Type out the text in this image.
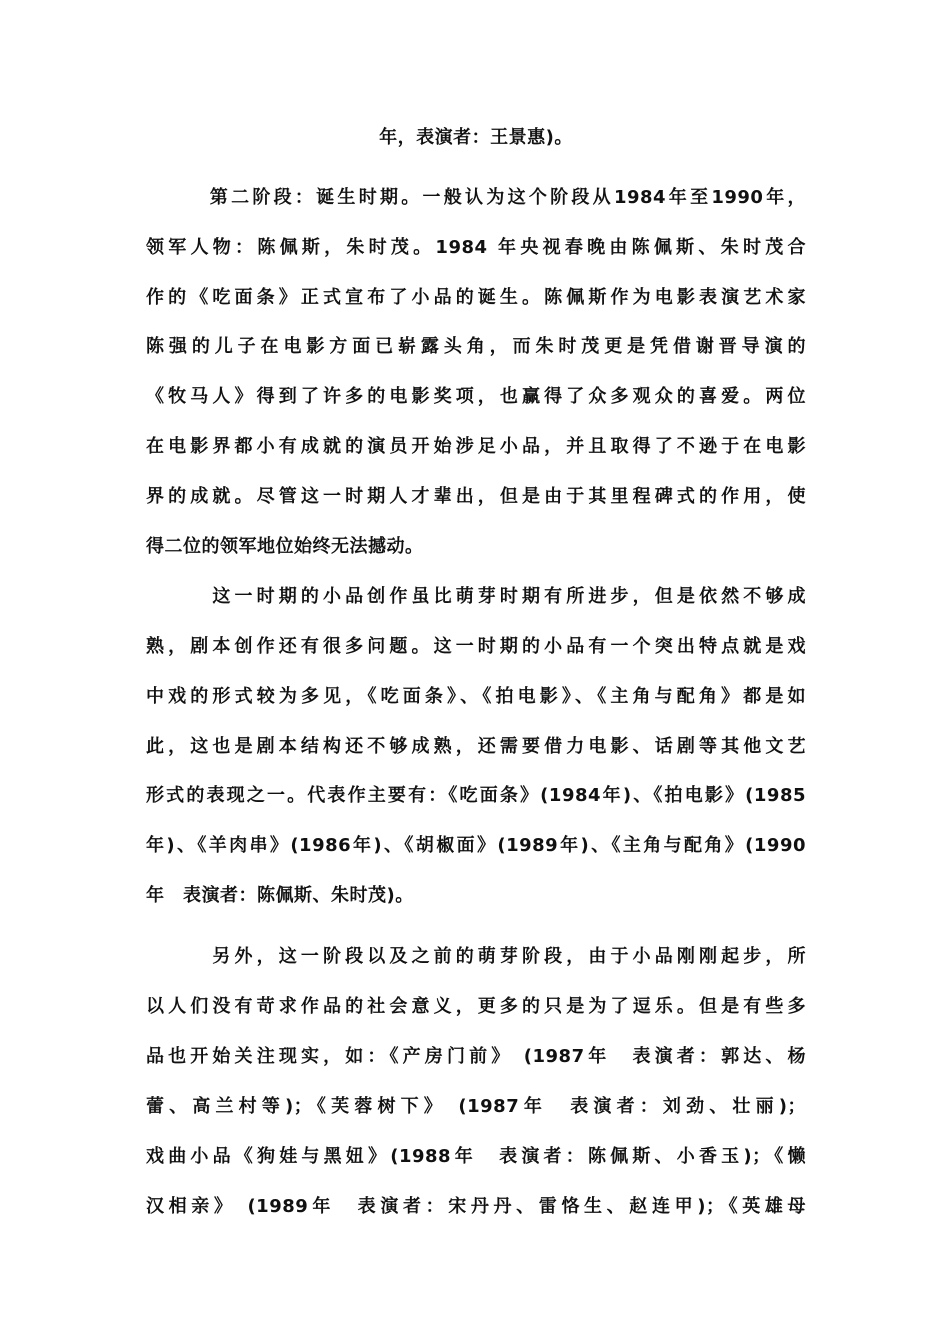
年，表演者：王景惠)。
　　　第二阶段：诞生时期。一般认为这个阶段从1984年至1990年，
领军人物：陈佩斯，朱时茂。1984 年央视春晚由陈佩斯、朱时茂合
作的《吃面条》正式宣布了小品的诞生。陈佩斯作为电影表演艺术家
陈强的儿子在电影方面已崭露头角，而朱时茂更是凭借谢晋导演的
《牧马人》得到了许多的电影奖项，也赢得了众多观众的喜爱。两位
在电影界都小有成就的演员开始涉足小品，并且取得了不逊于在电影
界的成就。尽管这一时期人才辈出，但是由于其里程碑式的作用，使
得二位的领军地位始终无法撼动。
　　　这一时期的小品创作虽比萌芽时期有所进步，但是依然不够成
熟，剧本创作还有很多问题。这一时期的小品有一个突出特点就是戏
中戏的形式较为多见，《吃面条》、《拍电影》、《主角与配角》都是如
此，这也是剧本结构还不够成熟，还需要借力电影、话剧等其他文艺
形式的表现之一。代表作主要有：《吃面条》(1984年)、《拍电影》(1985
年)、《羊肉串》(1986年)、《胡椒面》(1989年)、《主角与配角》(1990
年　表演者：陈佩斯、朱时茂)。
　　　另外，这一阶段以及之前的萌芽阶段，由于小品刚刚起步，所
以人们没有苛求作品的社会意义，更多的只是为了逗乐。但是有些多
品也开始关注现实，如：《产房门前》 (1987年　表演者：郭达、杨
蕾、高兰村等)；《芙蓉树下》 (1987年　表演者：刘劲、壮丽)；
戏曲小品《狗娃与黑妞》(1988年　表演者：陈佩斯、小香玉)；《懒
汉相亲》 (1989年　表演者：宋丹丹、雷恪生、赵连甲)；《英雄母
